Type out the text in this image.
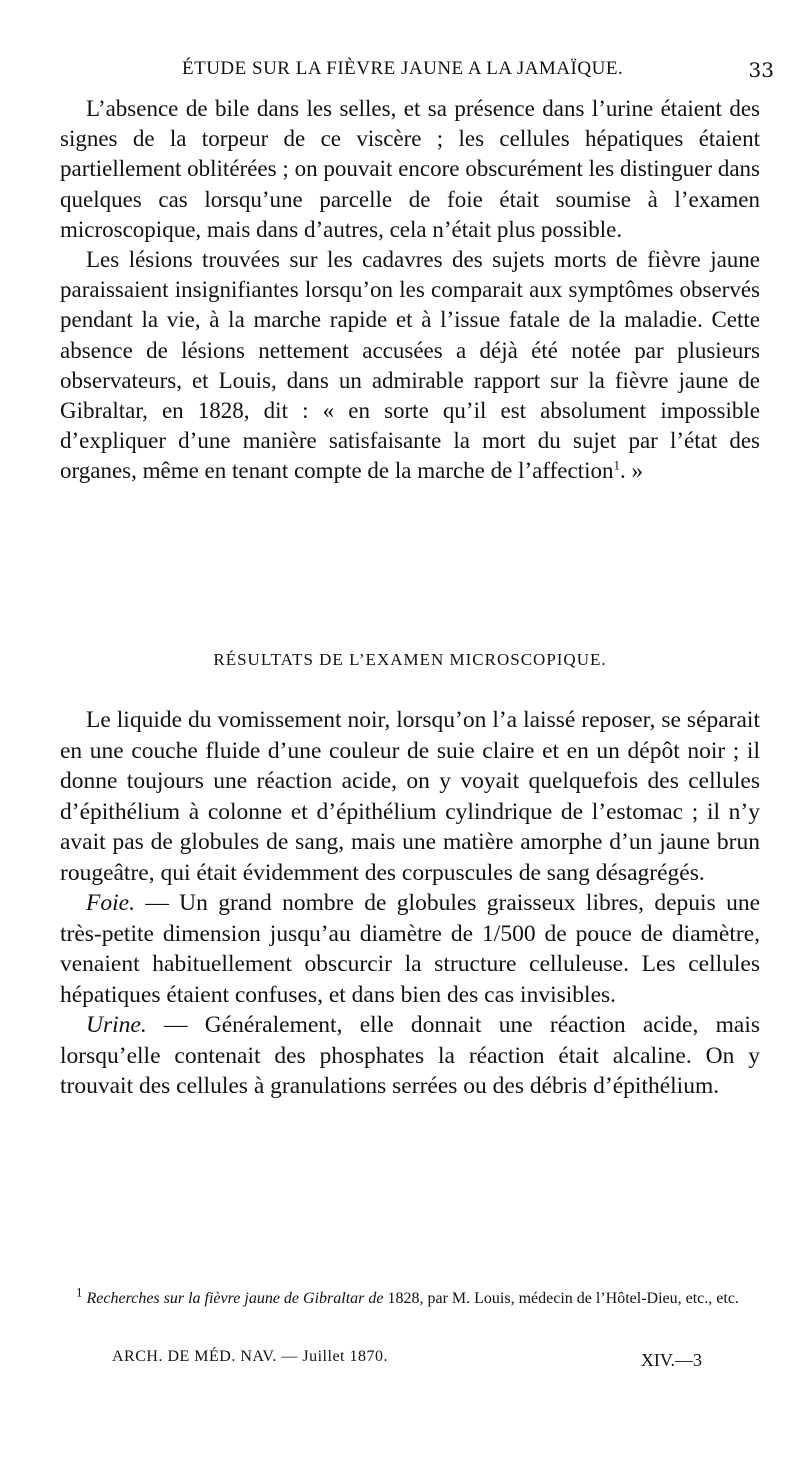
ÉTUDE SUR LA FIÈVRE JAUNE A LA JAMAÏQUE.	33

L’absence de bile dans les selles, et sa présence dans l’urine étaient des signes de la torpeur de ce viscère ; les cellules hépatiques étaient partiellement oblitérées ; on pouvait encore obscurément les distinguer dans quelques cas lorsqu’une parcelle de foie était soumise à l’examen microscopique, mais dans d’autres, cela n’était plus possible.

Les lésions trouvées sur les cadavres des sujets morts de fièvre jaune paraissaient insignifiantes lorsqu’on les comparait aux symptômes observés pendant la vie, à la marche rapide et à l’issue fatale de la maladie. Cette absence de lésions nettement accusées a déjà été notée par plusieurs observateurs, et Louis, dans un admirable rapport sur la fièvre jaune de Gibraltar, en 1828, dit : « en sorte qu’il est absolument impossible d’expliquer d’une manière satisfaisante la mort du sujet par l’état des organes, même en tenant compte de la marche de l’affection$^1$. »

RÉSULTATS DE L’EXAMEN MICROSCOPIQUE.

Le liquide du vomissement noir, lorsqu’on l’a laissé reposer, se séparait en une couche fluide d’une couleur de suie claire et en un dépôt noir ; il donne toujours une réaction acide, on y voyait quelquefois des cellules d’épithélium à colonne et d’épithélium cylindrique de l’estomac ; il n’y avait pas de globules de sang, mais une matière amorphe d’un jaune brun rougeâtre, qui était évidemment des corpuscules de sang désagrégés.

Foie. — Un grand nombre de globules graisseux libres, depuis une très-petite dimension jusqu’au diamètre de 1/500 de pouce de diamètre, venaient habituellement obscurcir la structure celluleuse. Les cellules hépatiques étaient confuses, et dans bien des cas invisibles.

Urine. — Généralement, elle donnait une réaction acide, mais lorsqu’elle contenait des phosphates la réaction était alcaline. On y trouvait des cellules à granulations serrées ou des débris d’épithélium.

$^1$ Recherches sur la fièvre jaune de Gibraltar de 1828, par M. Louis, médecin de l’Hôtel-Dieu, etc., etc.

ARCH. DE MÉD. NAV. — Juillet 1870.	XIV.—3
